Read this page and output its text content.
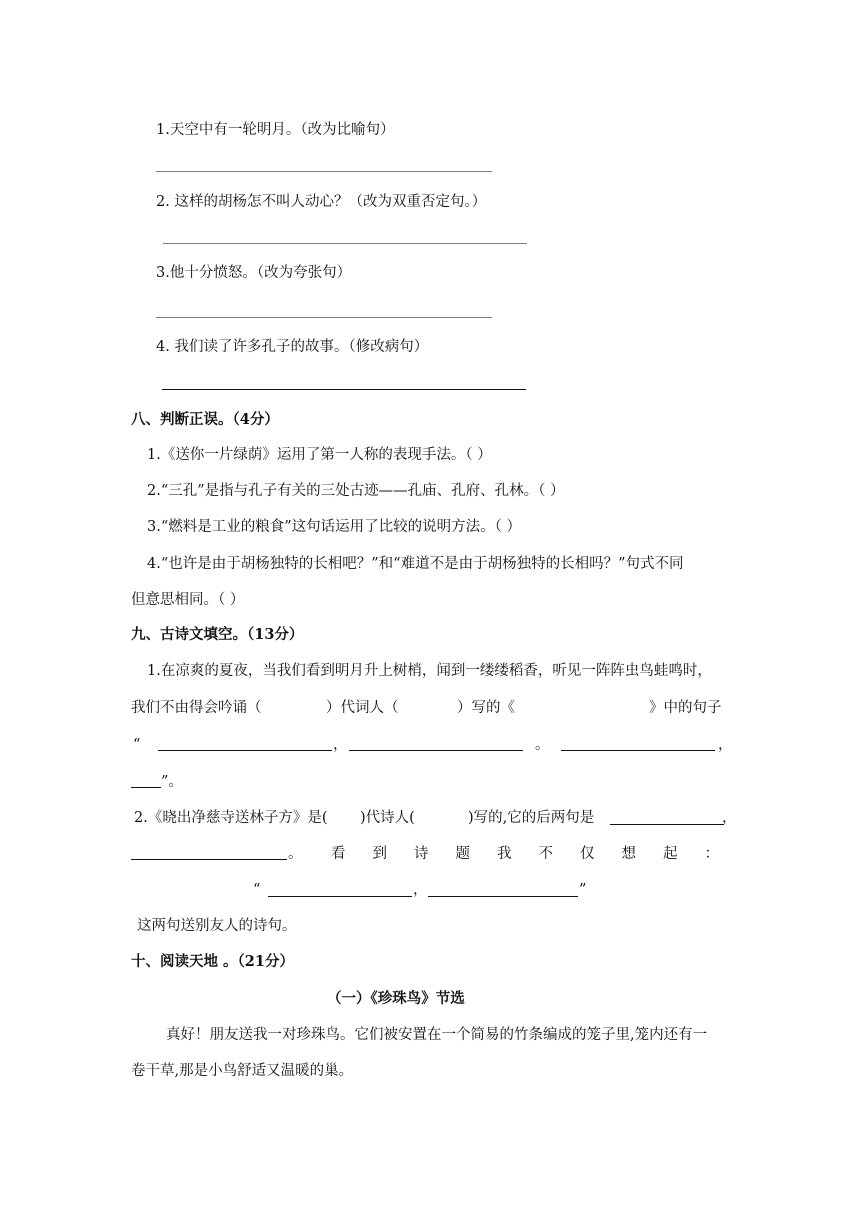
1.天空中有一轮明月。（改为比喻句）
2. 这样的胡杨怎不叫人动心？（改为双重否定句。）
3.他十分愤怒。（改为夸张句）
4. 我们读了许多孔子的故事。（修改病句）
八、判断正误。（4分）
1.《送你一片绿荫》运用了第一人称的表现手法。（ ）
2.“三孔”是指与孔子有关的三处古迹——孔庙、孔府、孔林。（ ）
3.“燃料是工业的粮食”这句话运用了比较的说明方法。（ ）
4.“也许是由于胡杨独特的长相吧？”和“难道不是由于胡杨独特的长相吗？”句式不同
但意思相同。（ ）
九、古诗文填空。（13分）
1.在凉爽的夏夜，当我们看到明月升上树梢，闻到一缕缕稻香，听见一阵阵虫鸟蛙鸣时，
我们不由得会吟诵（	）代词人（	）写的《	》中的句子
“	，	。	，
”。
2.《晓出净慈寺送林子方》是( )代诗人(	)写的,它的后两句是	，
。 看 到 诗 题 我 不 仅 想 起 ：
“	，	”
这两句送别友人的诗句。
十、阅读天地 。（21分）
（一）《珍珠鸟》节选
真好！朋友送我一对珍珠鸟。它们被安置在一个简易的竹条编成的笼子里,笼内还有一
卷干草,那是小鸟舒适又温暖的巢。
